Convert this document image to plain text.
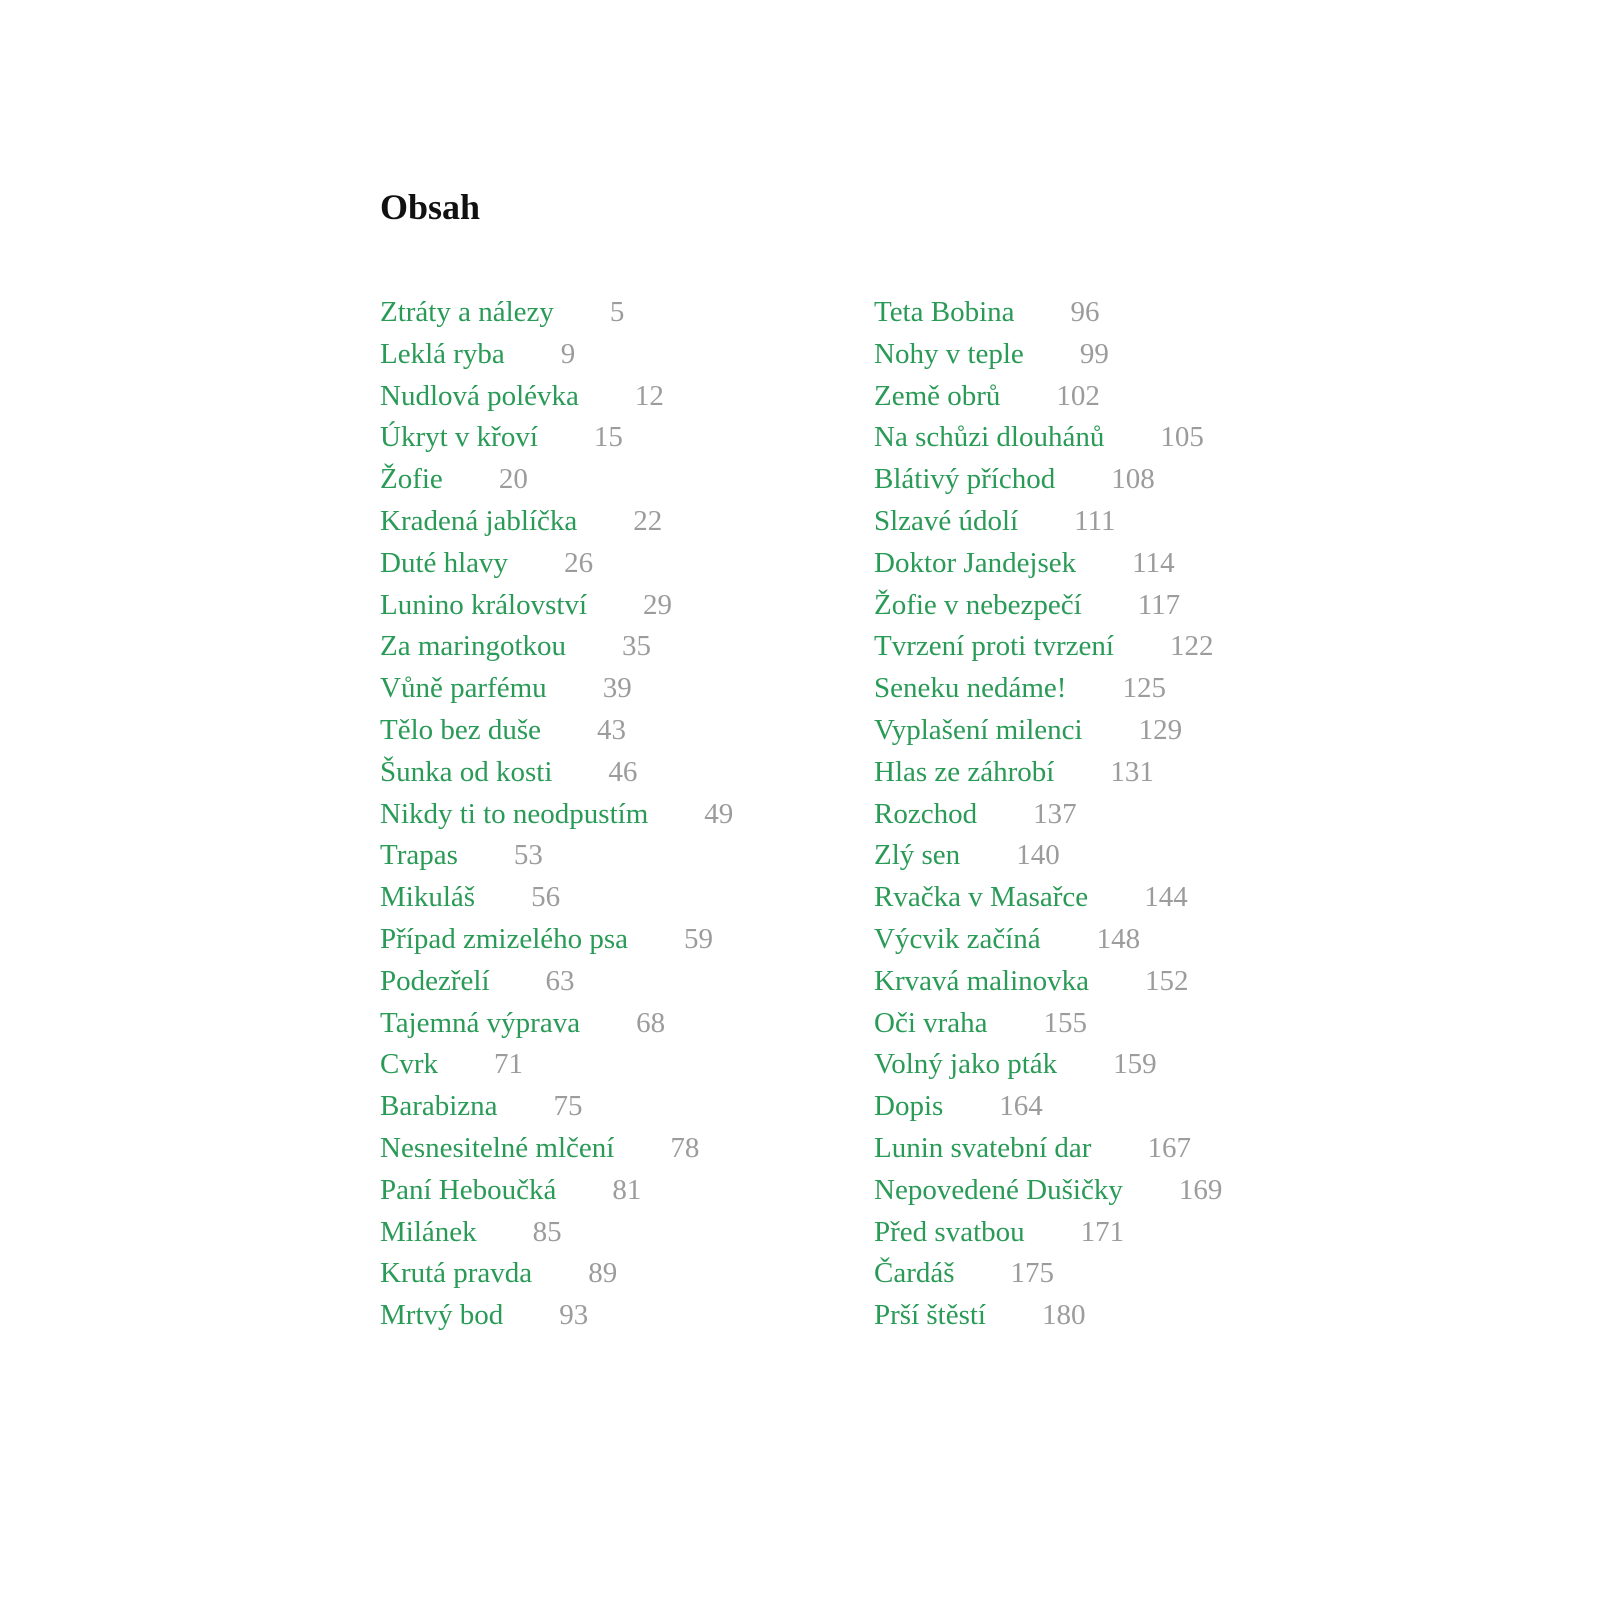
Obsah
Ztráty a nálezy 5
Leklá ryba 9
Nudlová polévka 12
Úkryt v křoví 15
Žofie 20
Kradená jablíčka 22
Duté hlavy 26
Lunino království 29
Za maringotkou 35
Vůně parfému 39
Tělo bez duše 43
Šunka od kosti 46
Nikdy ti to neodpustím 49
Trapas 53
Mikuláš 56
Případ zmizelého psa 59
Podezřelí 63
Tajemná výprava 68
Cvrk 71
Barabizna 75
Nesnesitelné mlčení 78
Paní Heboučká 81
Milánek 85
Krutá pravda 89
Mrtvý bod 93
Teta Bobina 96
Nohy v teple 99
Země obrů 102
Na schůzi dlouhánů 105
Blátivý příchod 108
Slzavé údolí 111
Doktor Jandejsek 114
Žofie v nebezpečí 117
Tvrzení proti tvrzení 122
Seneku nedáme! 125
Vyplašení milenci 129
Hlas ze záhrobí 131
Rozchod 137
Zlý sen 140
Rvačka v Masařce 144
Výcvik začíná 148
Krvavá malinovka 152
Oči vraha 155
Volný jako pták 159
Dopis 164
Lunin svatební dar 167
Nepovedené Dušičky 169
Před svatbou 171
Čardáš 175
Prší štěstí 180
